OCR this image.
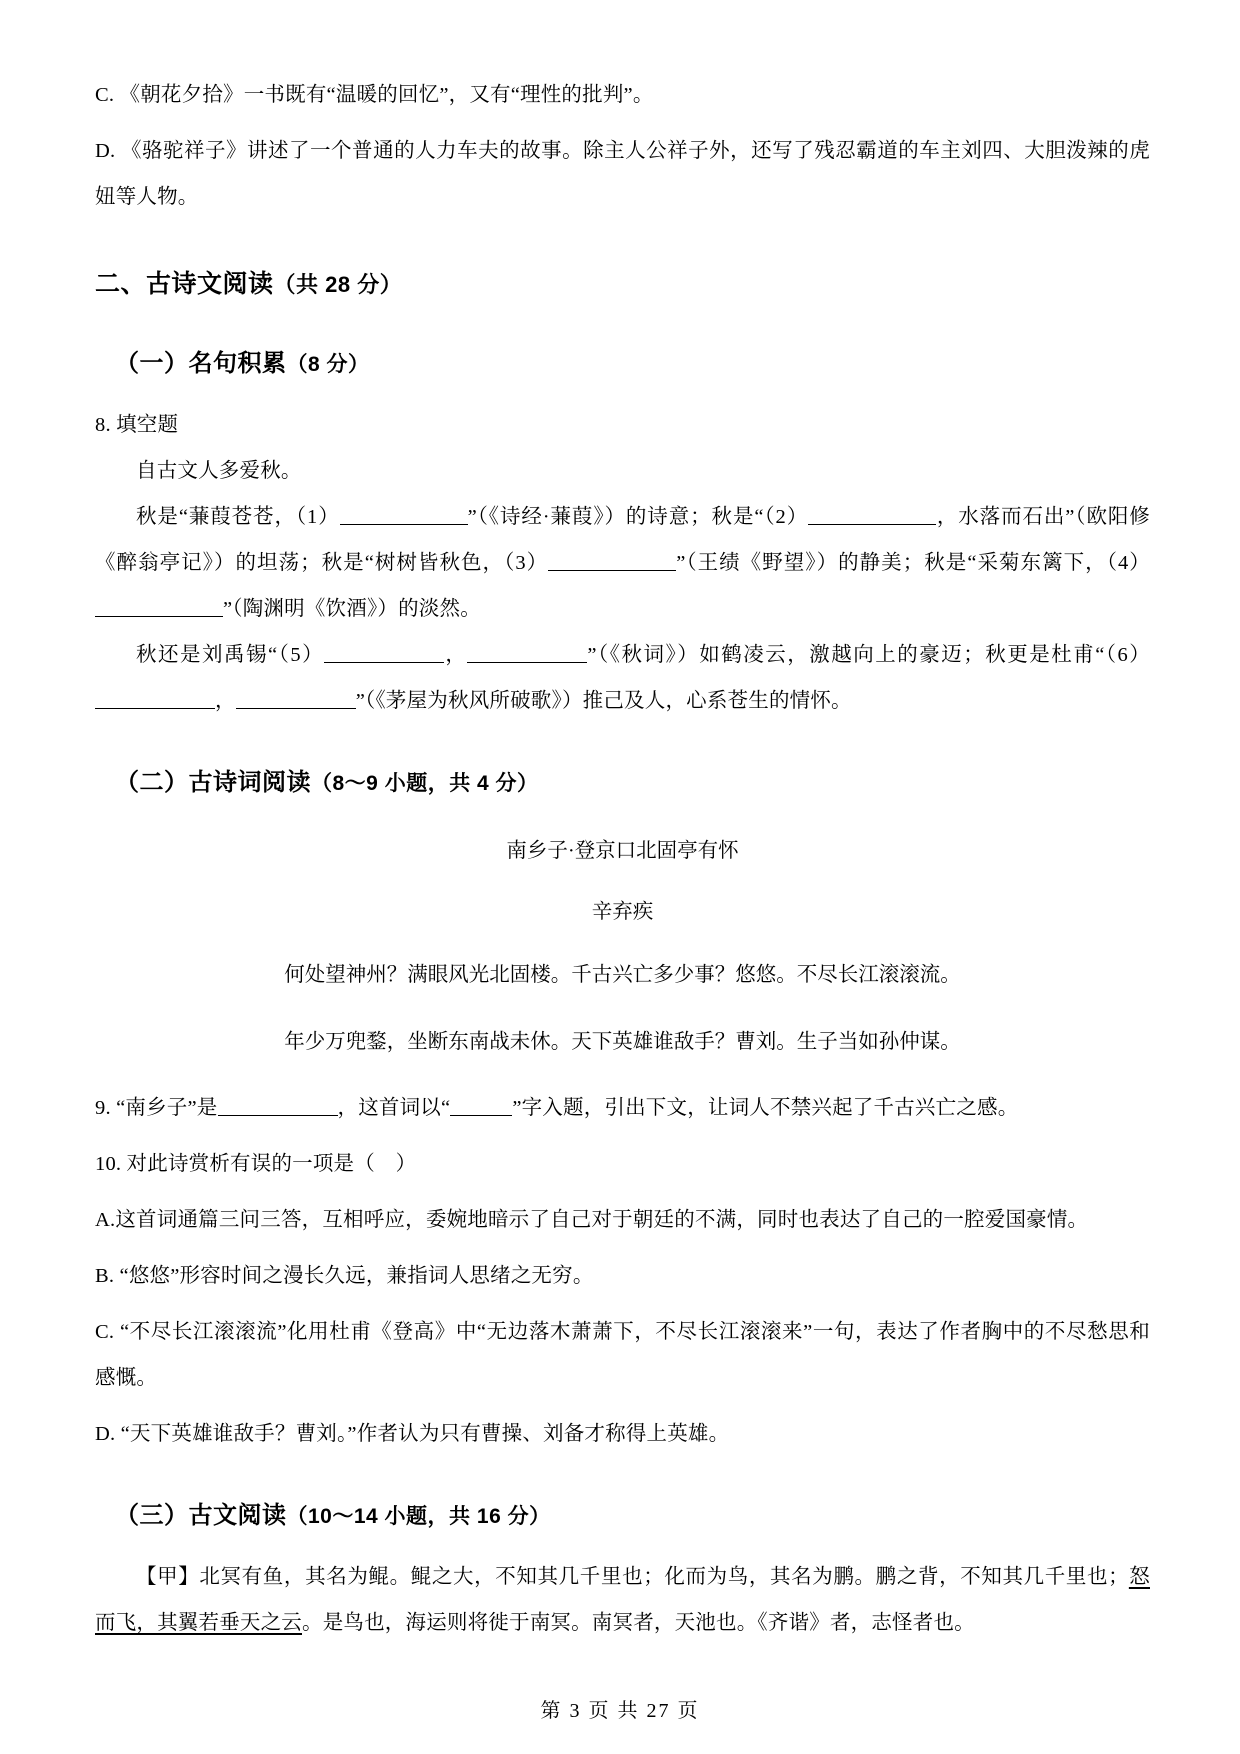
C. 《朝花夕拾》一书既有“温暖的回忆”，又有“理性的批判”。

D. 《骆驼祥子》讲述了一个普通的人力车夫的故事。除主人公祥子外，还写了残忍霸道的车主刘四、大胆泼辣的虎妞等人物。

二、古诗文阅读（共 28 分）
（一）名句积累（8 分）

8. 填空题

自古文人多爱秋。

秋是“蒹葭苍苍，（1）	”（《诗经·蒹葭》）的诗意；秋是“（2）	，水落而石出”（欧阳修《醉翁亭记》）的坦荡；秋是“树树皆秋色，（3）	”（王绩《野望》）的静美；秋是“采菊东篱下，（4）”（陶渊明《饮酒》）的淡然。

秋还是刘禹锡“（5）	，	”（《秋词》）如鹤凌云，激越向上的豪迈；秋更是杜甫“（6），	”（《茅屋为秋风所破歌》）推己及人，心系苍生的情怀。

（二）古诗词阅读（8～9 小题，共 4 分）

南乡子·登京口北固亭有怀

辛弃疾

何处望神州？满眼风光北固楼。千古兴亡多少事？悠悠。不尽长江滚滚流。

年少万兜鍪，坐断东南战未休。天下英雄谁敌手？曹刘。生子当如孙仲谋。

9. “南乡子”是	，这首词以“	”字入题，引出下文，让词人不禁兴起了千古兴亡之感。

10. 对此诗赏析有误的一项是（　）

A.这首词通篇三问三答，互相呼应，委婉地暗示了自己对于朝廷的不满，同时也表达了自己的一腔爱国豪情。

B. “悠悠”形容时间之漫长久远，兼指词人思绪之无穷。

C. “不尽长江滚滚流”化用杜甫《登高》中“无边落木萧萧下，不尽长江滚滚来”一句，表达了作者胸中的不尽愁思和感慨。

D. “天下英雄谁敌手？曹刘。”作者认为只有曹操、刘备才称得上英雄。

（三）古文阅读（10～14 小题，共 16 分）

【甲】北冥有鱼，其名为鲲。鲲之大，不知其几千里也；化而为鸟，其名为鹏。鹏之背，不知其几千里也；怒而飞，其翼若垂天之云。是鸟也，海运则将徙于南冥。南冥者，天池也。《齐谐》者，志怪者也。

第 3 页 共 27 页
